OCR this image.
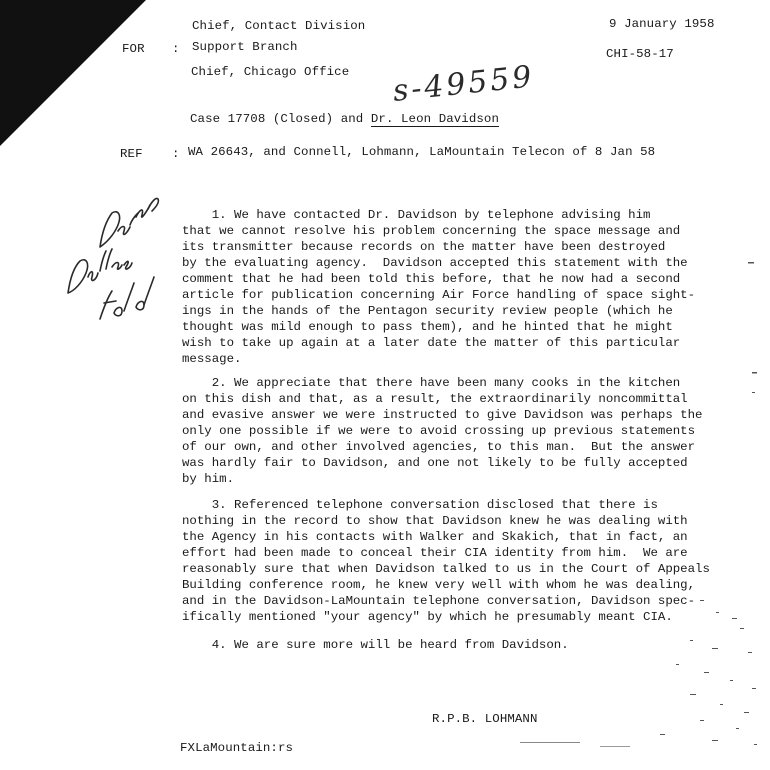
Chief, Contact Division	9 January 1958
FOR : Support Branch	CHI-58-17
Chief, Chicago Office s-49559
Case 17708 (Closed) and Dr. Leon Davidson
REF : WA 26643, and Connell, Lohmann, LaMountain Telecon of 8 Jan 58
1. We have contacted Dr. Davidson by telephone advising him
that we cannot resolve his problem concerning the space message and
its transmitter because records on the matter have been destroyed
by the evaluating agency.  Davidson accepted this statement with the
comment that he had been told this before, that he now had a second
article for publication concerning Air Force handling of space sight-
ings in the hands of the Pentagon security review people (which he
thought was mild enough to pass them), and he hinted that he might
wish to take up again at a later date the matter of this particular
message.
2. We appreciate that there have been many cooks in the kitchen
on this dish and that, as a result, the extraordinarily noncommittal
and evasive answer we were instructed to give Davidson was perhaps the
only one possible if we were to avoid crossing up previous statements
of our own, and other involved agencies, to this man.  But the answer
was hardly fair to Davidson, and one not likely to be fully accepted
by him.
3. Referenced telephone conversation disclosed that there is
nothing in the record to show that Davidson knew he was dealing with
the Agency in his contacts with Walker and Skakich, that in fact, an
effort had been made to conceal their CIA identity from him.  We are
reasonably sure that when Davidson talked to us in the Court of Appeals
Building conference room, he knew very well with whom he was dealing,
and in the Davidson-LaMountain telephone conversation, Davidson spec-
ifically mentioned "your agency" by which he presumably meant CIA.
4. We are sure more will be heard from Davidson.
R.P.B. LOHMANN
FXLaMountain:rs
